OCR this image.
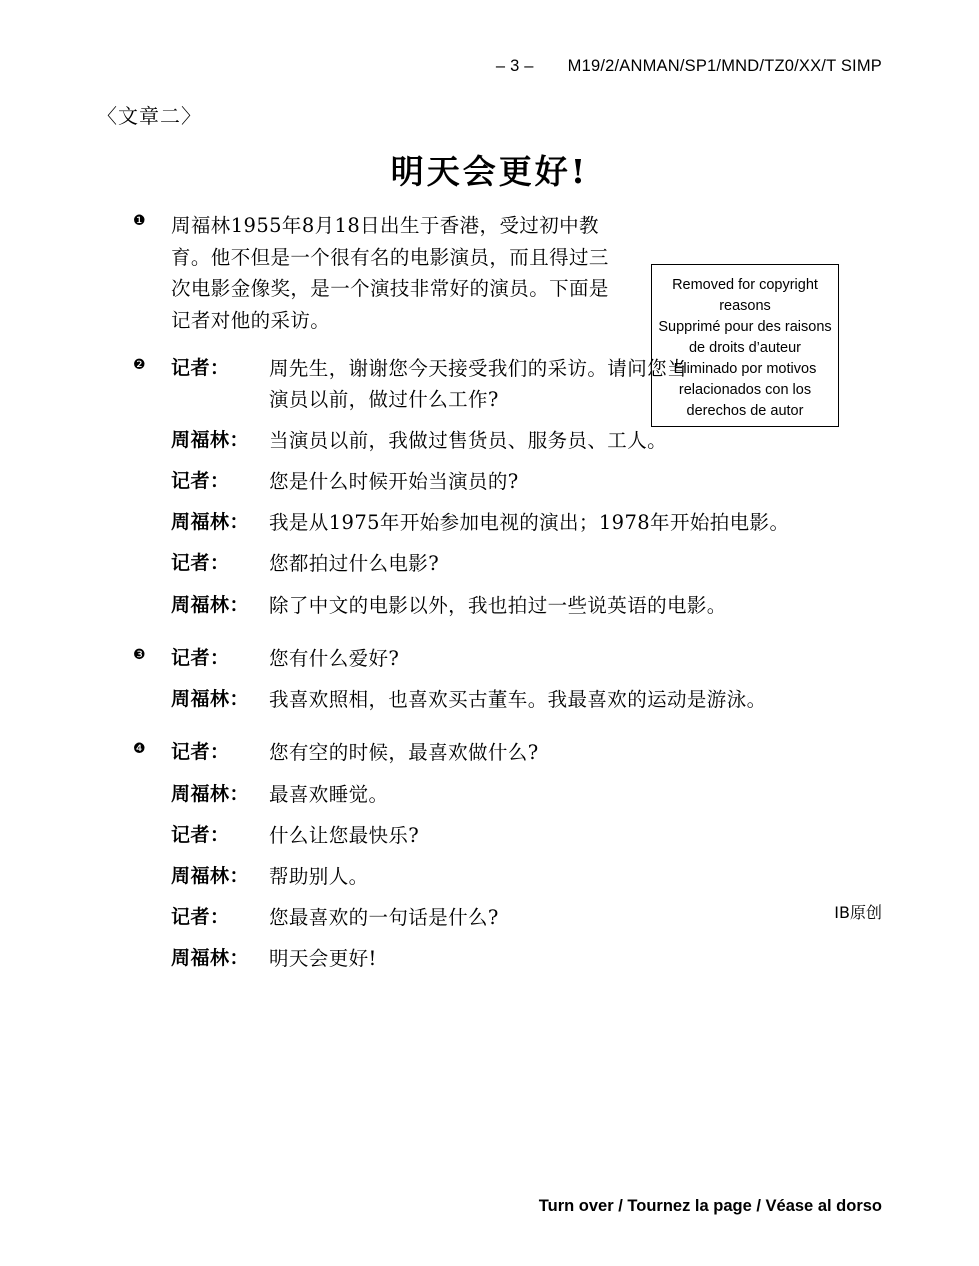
– 3 – M19/2/ANMAN/SP1/MND/TZ0/XX/T SIMP
〈文章二〉
明天会更好!
Removed for copyright reasons
Supprimé pour des raisons de droits d’auteur
Eliminado por motivos relacionados con los derechos de autor
❶ 周福林1955年8月18日出生于香港，受过初中教育。他不但是一个很有名的电影演员，而且得过三次电影金像奖，是一个演技非常好的演员。下面是记者对他的采访。
❷ 记者：	周先生，谢谢您今天接受我们的采访。请问您当演员以前，做过什么工作?
周福林：	当演员以前，我做过售货员、服务员、工人。
记者：	您是什么时候开始当演员的?
周福林：	我是从1975年开始参加电视的演出；1978年开始拍电影。
记者：	您都拍过什么电影?
周福林：	除了中文的电影以外，我也拍过一些说英语的电影。
❸ 记者：	您有什么爱好?
周福林：	我喜欢照相，也喜欢买古董车。我最喜欢的运动是游泳。
❹ 记者：	您有空的时候，最喜欢做什么?
周福林：	最喜欢睡觉。
记者：	什么让您最快乐?
周福林：	帮助别人。
记者：	您最喜欢的一句话是什么?
周福林：	明天会更好!
IB原创
Turn over / Tournez la page / Véase al dorso
